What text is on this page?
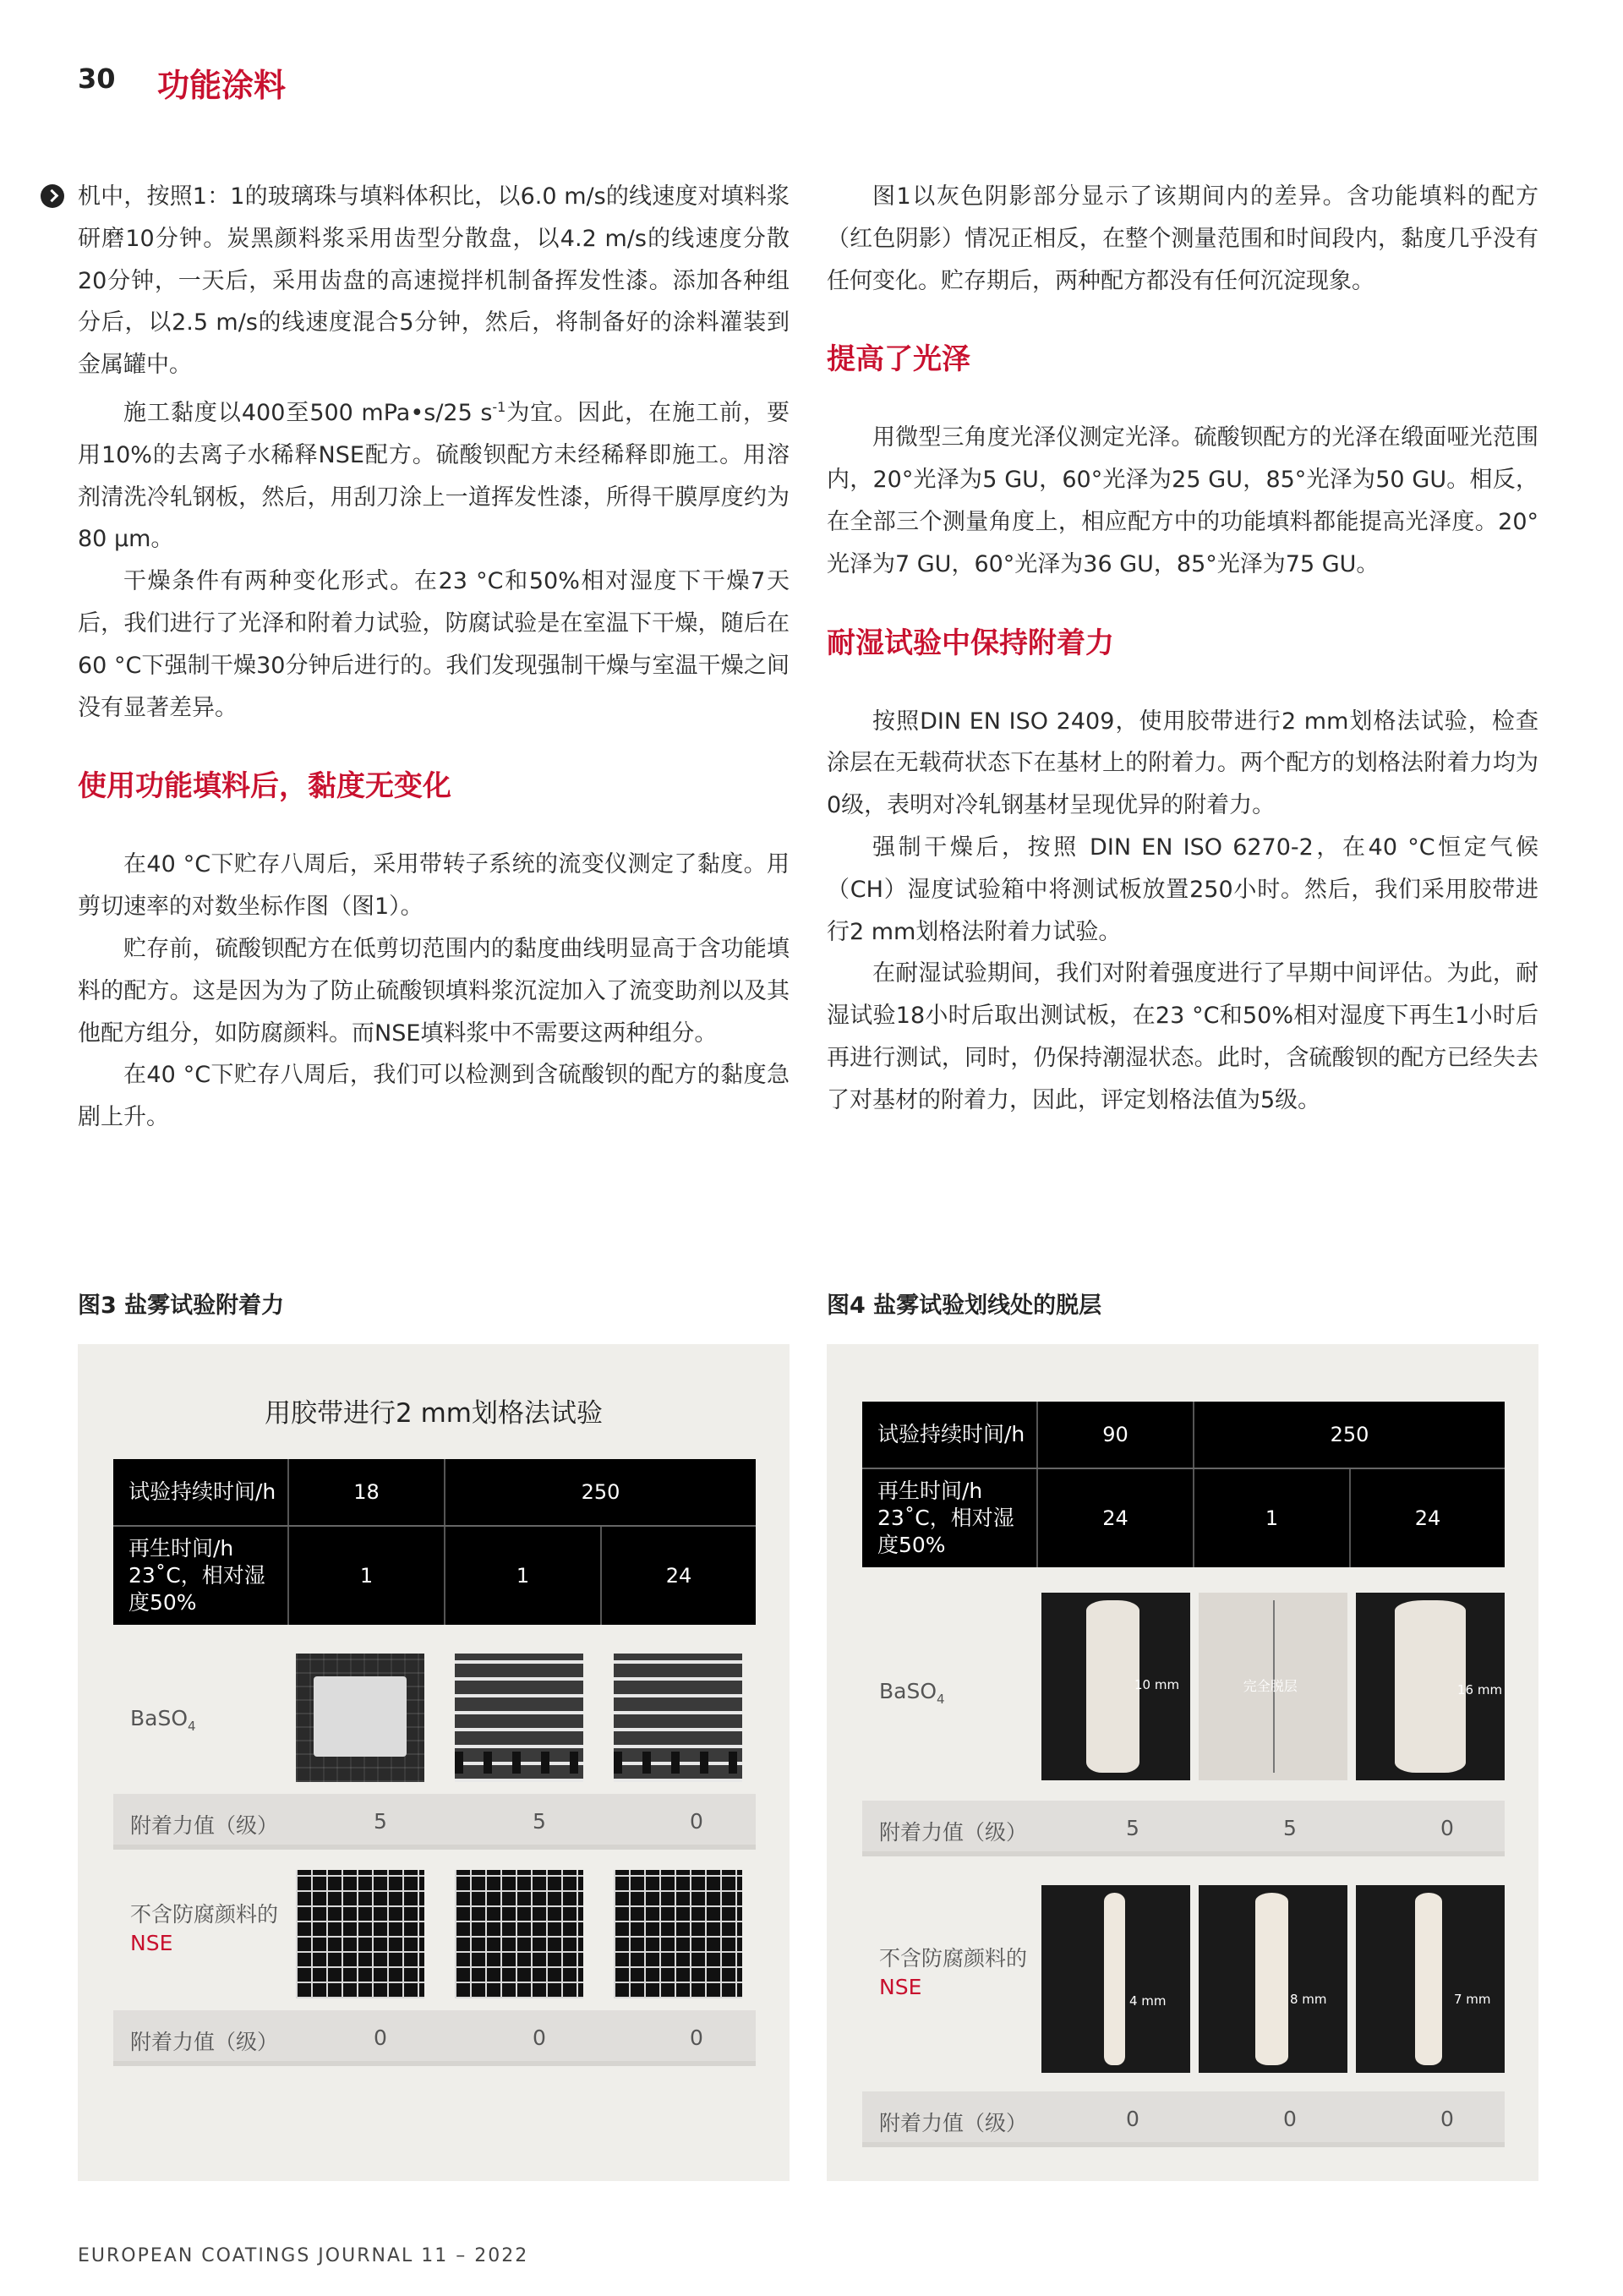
30 功能涂料

机中，按照1：1的玻璃珠与填料体积比，以6.0 m/s的线速度对填料浆研磨10分钟。炭黑颜料浆采用齿型分散盘，以4.2 m/s的线速度分散20分钟，一天后，采用齿盘的高速搅拌机制备挥发性漆。添加各种组分后，以2.5 m/s的线速度混合5分钟，然后，将制备好的涂料灌装到金属罐中。

施工黏度以400至500 mPa•s/25 $s^{-1}$为宜。因此，在施工前，要用10%的去离子水稀释NSE配方。硫酸钡配方未经稀释即施工。用溶剂清洗冷轧钢板，然后，用刮刀涂上一道挥发性漆，所得干膜厚度约为80 μm。

干燥条件有两种变化形式。在23 °C和50%相对湿度下干燥7天后，我们进行了光泽和附着力试验，防腐试验是在室温下干燥，随后在60 °C下强制干燥30分钟后进行的。我们发现强制干燥与室温干燥之间没有显著差异。

使用功能填料后，黏度无变化

在40 °C下贮存八周后，采用带转子系统的流变仪测定了黏度。用剪切速率的对数坐标作图（图1）。

贮存前，硫酸钡配方在低剪切范围内的黏度曲线明显高于含功能填料的配方。这是因为为了防止硫酸钡填料浆沉淀加入了流变助剂以及其他配方组分，如防腐颜料。而NSE填料浆中不需要这两种组分。

在40 °C下贮存八周后，我们可以检测到含硫酸钡的配方的黏度急剧上升。

图1以灰色阴影部分显示了该期间内的差异。含功能填料的配方（红色阴影）情况正相反，在整个测量范围和时间段内，黏度几乎没有任何变化。贮存期后，两种配方都没有任何沉淀现象。

提高了光泽

用微型三角度光泽仪测定光泽。硫酸钡配方的光泽在缎面哑光范围内，20°光泽为5 GU，60°光泽为25 GU，85°光泽为50 GU。相反，在全部三个测量角度上，相应配方中的功能填料都能提高光泽度。20°光泽为7 GU，60°光泽为36 GU，85°光泽为75 GU。

耐湿试验中保持附着力

按照DIN EN ISO 2409，使用胶带进行2 mm划格法试验，检查涂层在无载荷状态下在基材上的附着力。两个配方的划格法附着力均为0级，表明对冷轧钢基材呈现优异的附着力。

强制干燥后，按照 DIN EN ISO 6270-2，在40 °C恒定气候（CH）湿度试验箱中将测试板放置250小时。然后，我们采用胶带进行2 mm划格法附着力试验。

在耐湿试验期间，我们对附着强度进行了早期中间评估。为此，耐湿试验18小时后取出测试板，在23 °C和50%相对湿度下再生1小时后再进行测试，同时，仍保持潮湿状态。此时，含硫酸钡的配方已经失去了对基材的附着力，因此，评定划格法值为5级。

图3 盐雾试验附着力
用胶带进行2 mm划格法试验
试验持续时间/h	18	250
再生时间/h
23˚C，相对湿
度50%
1	1	24
BaSO$_4$
附着力值（级）	5	5	0
不含防腐颜料的
NSE
附着力值（级）	0	0	0
图4 盐雾试验划线处的脱层
试验持续时间/h	90	250
再生时间/h
23˚C，相对湿
度50%
24	1	24
BaSO$_4$
10 mm	完全脱层	16 mm
附着力值（级）	5	5	0
不含防腐颜料的
NSE
4 mm	8 mm	7 mm
附着力值（级）	0	0	0
EUROPEAN COATINGS JOURNAL 11 – 2022
